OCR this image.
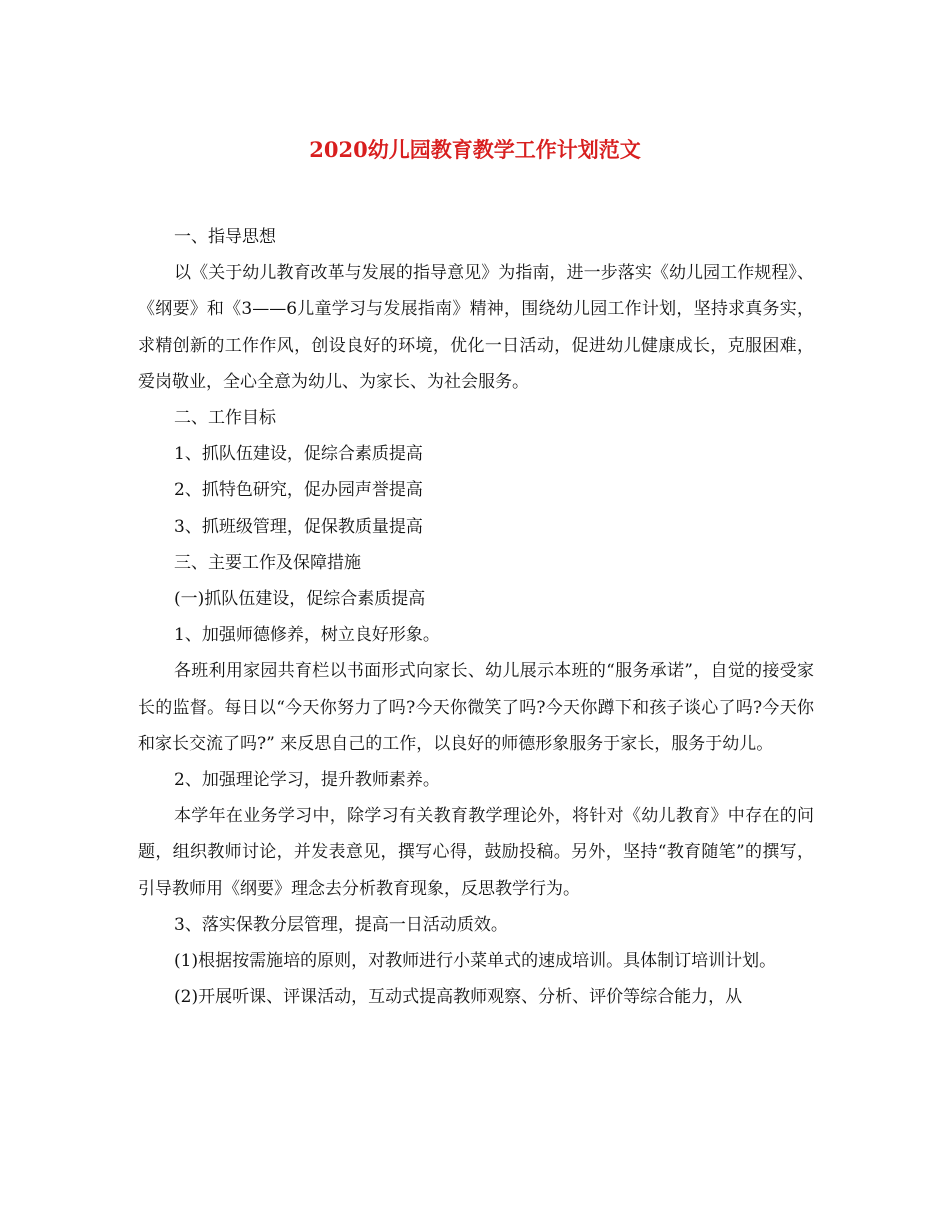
2020幼儿园教育教学工作计划范文

一、指导思想

以《关于幼儿教育改革与发展的指导意见》为指南，进一步落实《幼儿园工作规程》、《纲要》和《3——6儿童学习与发展指南》精神，围绕幼儿园工作计划，坚持求真务实，求精创新的工作作风，创设良好的环境，优化一日活动，促进幼儿健康成长，克服困难，爱岗敬业，全心全意为幼儿、为家长、为社会服务。

二、工作目标

1、抓队伍建设，促综合素质提高

2、抓特色研究，促办园声誉提高

3、抓班级管理，促保教质量提高

三、主要工作及保障措施

(一)抓队伍建设，促综合素质提高

1、加强师德修养，树立良好形象。

各班利用家园共育栏以书面形式向家长、幼儿展示本班的“服务承诺”，自觉的接受家长的监督。每日以“今天你努力了吗?今天你微笑了吗?今天你蹲下和孩子谈心了吗?今天你和家长交流了吗?” 来反思自己的工作，以良好的师德形象服务于家长，服务于幼儿。

2、加强理论学习，提升教师素养。

本学年在业务学习中，除学习有关教育教学理论外，将针对《幼儿教育》中存在的问题，组织教师讨论，并发表意见，撰写心得，鼓励投稿。另外，坚持“教育随笔”的撰写，引导教师用《纲要》理念去分析教育现象，反思教学行为。

3、落实保教分层管理，提高一日活动质效。

(1)根据按需施培的原则，对教师进行小菜单式的速成培训。具体制订培训计划。

(2)开展听课、评课活动，互动式提高教师观察、分析、评价等综合能力，从
